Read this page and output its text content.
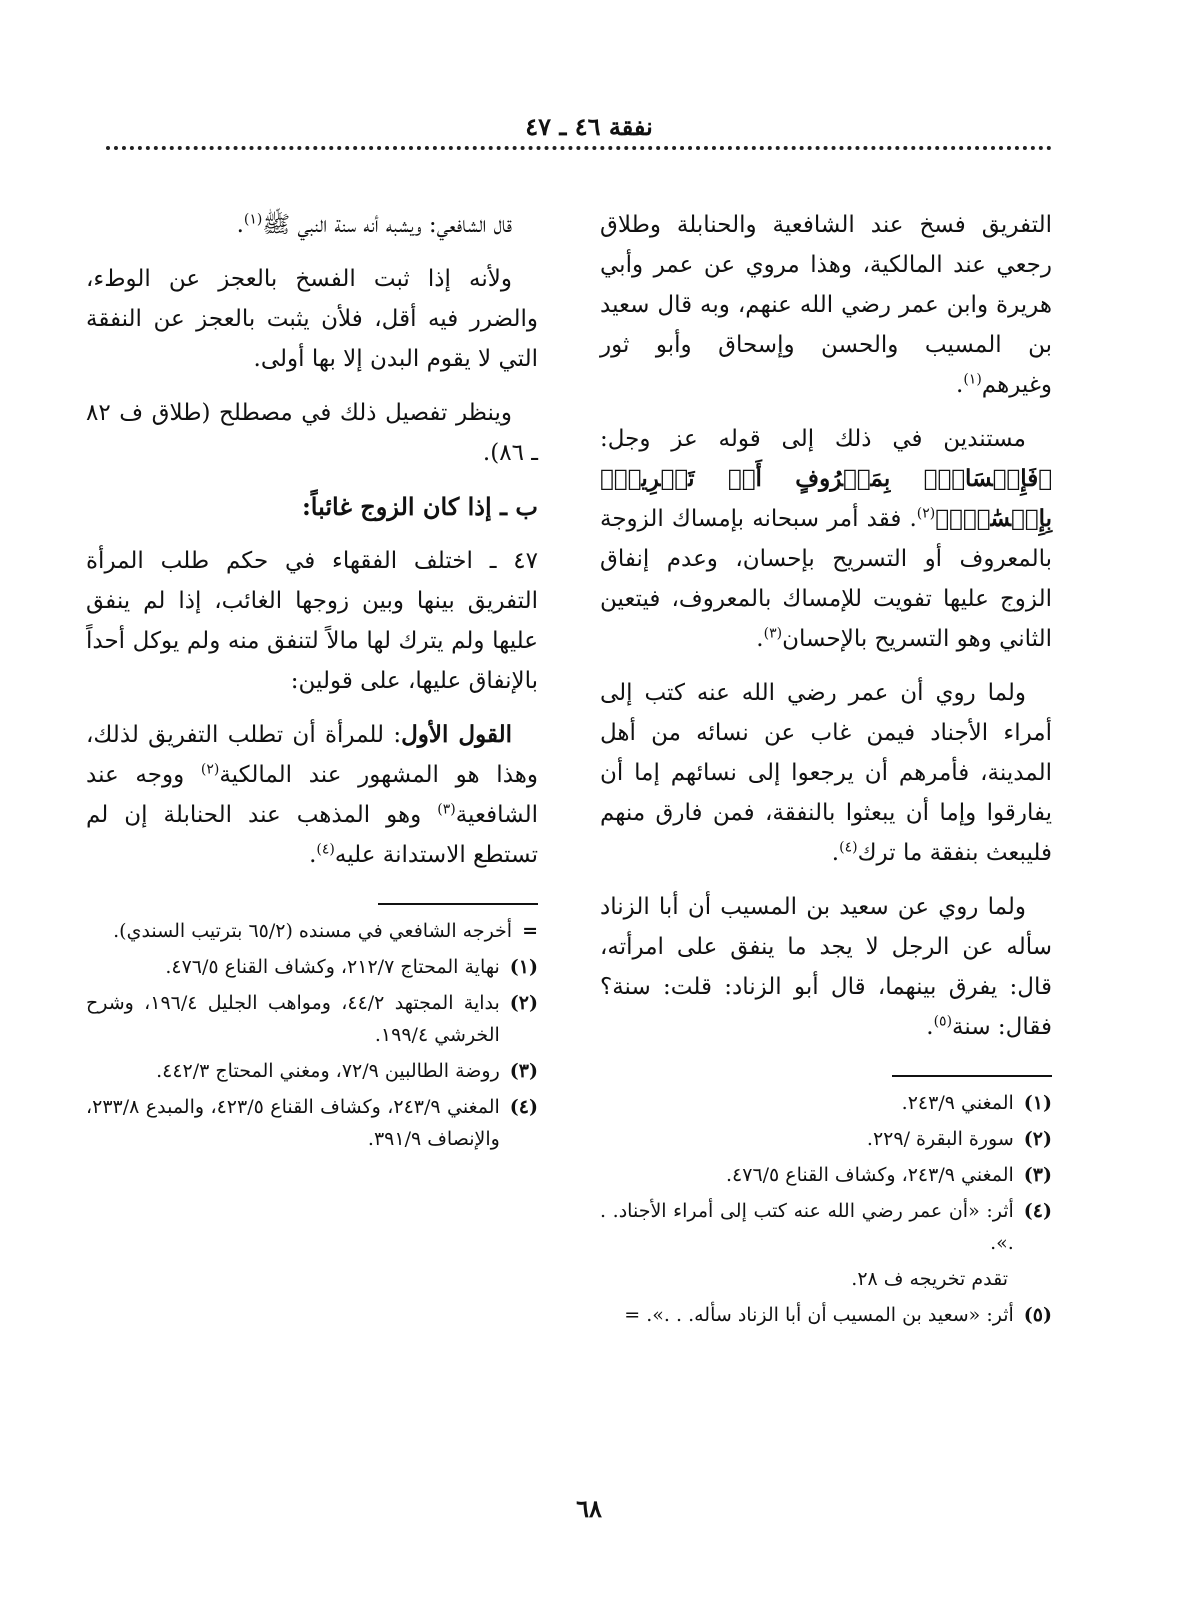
نفقة ٤٦ ـ ٤٧

التفريق فسخ عند الشافعية والحنابلة وطلاق رجعي عند المالكية، وهذا مروي عن عمر وأبي هريرة وابن عمر رضي الله عنهم، وبه قال سعيد بن المسيب والحسن وإسحاق وأبو ثور وغيرهم$^{(١)}$.

مستندين في ذلك إلى قوله عز وجل: ﴿فَإِمۡسَاكُۢ بِمَعۡرُوفٍ أَوۡ تَسۡرِيحُۢ بِإِحۡسَٰنٖۗ﴾$^{(٢)}$. فقد أمر سبحانه بإمساك الزوجة بالمعروف أو التسريح بإحسان، وعدم إنفاق الزوج عليها تفويت للإمساك بالمعروف، فيتعين الثاني وهو التسريح بالإحسان$^{(٣)}$.

ولما روي أن عمر رضي الله عنه كتب إلى أمراء الأجناد فيمن غاب عن نسائه من أهل المدينة، فأمرهم أن يرجعوا إلى نسائهم إما أن يفارقوا وإما أن يبعثوا بالنفقة، فمن فارق منهم فليبعث بنفقة ما ترك$^{(٤)}$.

ولما روي عن سعيد بن المسيب أن أبا الزناد سأله عن الرجل لا يجد ما ينفق على امرأته، قال: يفرق بينهما، قال أبو الزناد: قلت: سنة؟ فقال: سنة$^{(٥)}$.

(١)
المغني ٢٤٣/٩.
(٢)
سورة البقرة /٢٢٩.
(٣)
المغني ٢٤٣/٩، وكشاف القناع ٤٧٦/٥.
(٤)
أثر: «أن عمر رضي الله عنه كتب إلى أمراء الأجناد. . .».
تقدم تخريجه ف ٢٨.
(٥)
أثر: «سعيد بن المسيب أن أبا الزناد سأله. . .». =

قال الشافعي: ويشبه أنه سنة النبي ﷺ$^{(١)}$.

ولأنه إذا ثبت الفسخ بالعجز عن الوطء، والضرر فيه أقل، فلأن يثبت بالعجز عن النفقة التي لا يقوم البدن إلا بها أولى.

وينظر تفصيل ذلك في مصطلح (طلاق ف ٨٢ ـ ٨٦).

ب ـ إذا كان الزوج غائباً:

٤٧ ـ اختلف الفقهاء في حكم طلب المرأة التفريق بينها وبين زوجها الغائب، إذا لم ينفق عليها ولم يترك لها مالاً لتنفق منه ولم يوكل أحداً بالإنفاق عليها، على قولين:

القول الأول: للمرأة أن تطلب التفريق لذلك، وهذا هو المشهور عند المالكية$^{(٢)}$ ووجه عند الشافعية$^{(٣)}$ وهو المذهب عند الحنابلة إن لم تستطع الاستدانة عليه$^{(٤)}$.

=
أخرجه الشافعي في مسنده (٦٥/٢ بترتيب السندي).
(١)
نهاية المحتاج ٢١٢/٧، وكشاف القناع ٤٧٦/٥.
(٢)
بداية المجتهد ٤٤/٢، ومواهب الجليل ١٩٦/٤، وشرح الخرشي ١٩٩/٤.
(٣)
روضة الطالبين ٧٢/٩، ومغني المحتاج ٤٤٢/٣.
(٤)
المغني ٢٤٣/٩، وكشاف القناع ٤٢٣/٥، والمبدع ٢٣٣/٨، والإنصاف ٣٩١/٩.
٦٨
